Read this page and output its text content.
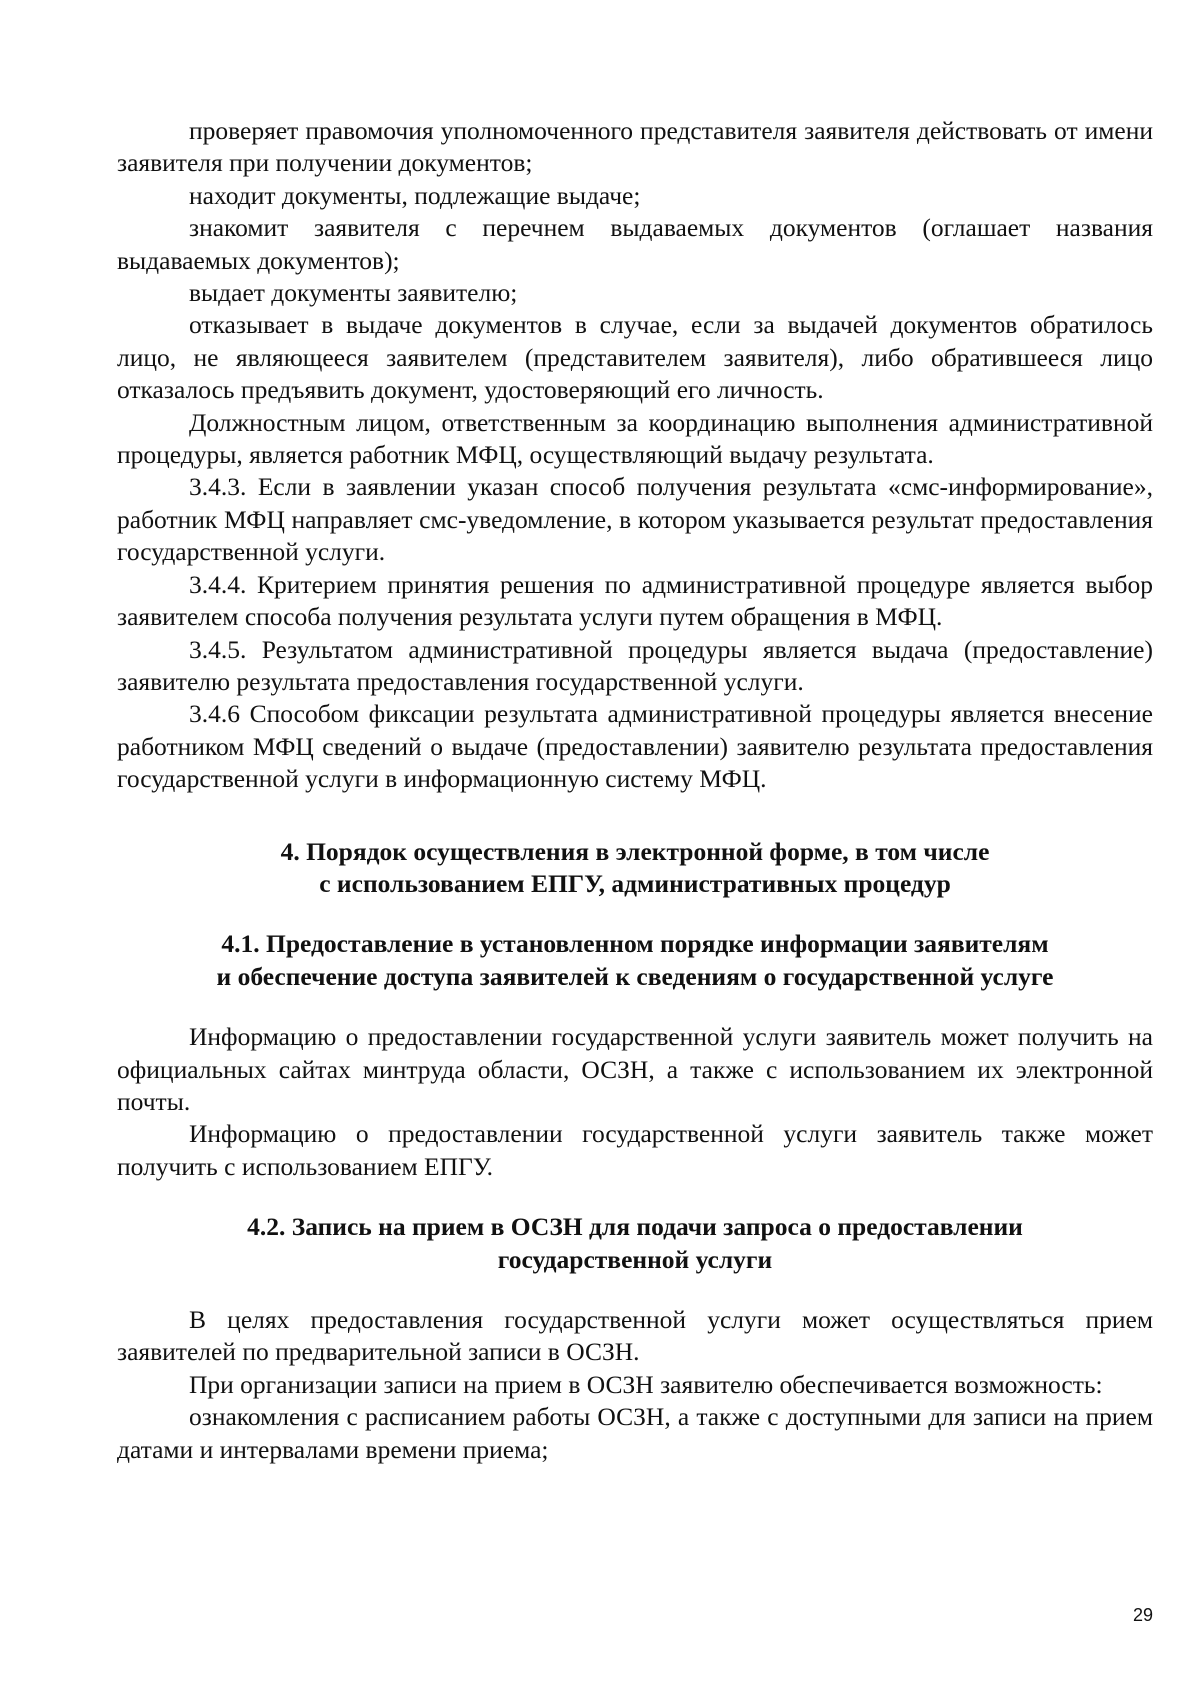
проверяет правомочия уполномоченного представителя заявителя действовать от имени заявителя при получении документов;

находит документы, подлежащие выдаче;

знакомит заявителя с перечнем выдаваемых документов (оглашает названия выдаваемых документов);

выдает документы заявителю;

отказывает в выдаче документов в случае, если за выдачей документов обратилось лицо, не являющееся заявителем (представителем заявителя), либо обратившееся лицо отказалось предъявить документ, удостоверяющий его личность.

Должностным лицом, ответственным за координацию выполнения административной процедуры, является работник МФЦ, осуществляющий выдачу результата.

3.4.3. Если в заявлении указан способ получения результата «смс-информирование», работник МФЦ направляет смс-уведомление, в котором указывается результат предоставления государственной услуги.

3.4.4. Критерием принятия решения по административной процедуре является выбор заявителем способа получения результата услуги путем обращения в МФЦ.

3.4.5. Результатом административной процедуры является выдача (предоставление) заявителю результата предоставления государственной услуги.

3.4.6 Способом фиксации результата административной процедуры является внесение работником МФЦ сведений о выдаче (предоставлении) заявителю результата предоставления государственной услуги в информационную систему МФЦ.

4. Порядок осуществления в электронной форме, в том числе
с использованием ЕПГУ, административных процедур
4.1. Предоставление в установленном порядке информации заявителям
и обеспечение доступа заявителей к сведениям о государственной услуге

Информацию о предоставлении государственной услуги заявитель может получить на официальных сайтах минтруда области, ОСЗН, а также с использованием их электронной почты.

Информацию о предоставлении государственной услуги заявитель также может получить с использованием ЕПГУ.

4.2. Запись на прием в ОСЗН для подачи запроса о предоставлении
государственной услуги

В целях предоставления государственной услуги может осуществляться прием заявителей по предварительной записи в ОСЗН.

При организации записи на прием в ОСЗН заявителю обеспечивается возможность:

ознакомления с расписанием работы ОСЗН, а также с доступными для записи на прием датами и интервалами времени приема;

29
